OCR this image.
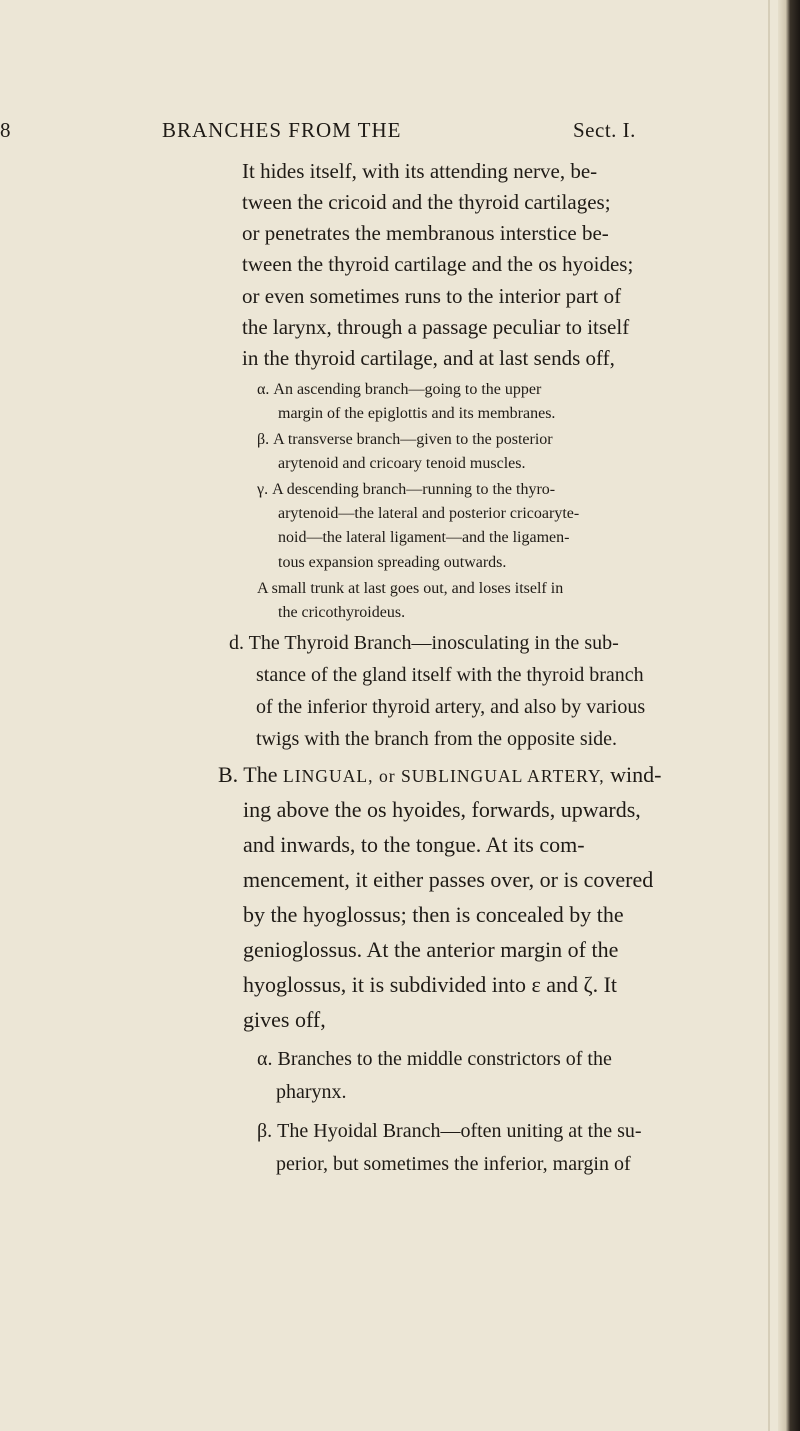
8	BRANCHES FROM THE	Sect. I.

It hides itself, with its attending nerve, be-

tween the cricoid and the thyroid cartilages;

or penetrates the membranous interstice be-

tween the thyroid cartilage and the os hyoides;

or even sometimes runs to the interior part of

the larynx, through a passage peculiar to itself

in the thyroid cartilage, and at last sends off,

α. An ascending branch—going to the upper

margin of the epiglottis and its membranes.

β. A transverse branch—given to the posterior

arytenoid and cricoary tenoid muscles.

γ. A descending branch—running to the thyro-

arytenoid—the lateral and posterior cricoaryte-

noid—the lateral ligament—and the ligamen-

tous expansion spreading outwards.

A small trunk at last goes out, and loses itself in

the cricothyroideus.

d. The Thyroid Branch—inosculating in the sub-

stance of the gland itself with the thyroid branch

of the inferior thyroid artery, and also by various

twigs with the branch from the opposite side.

B. The LINGUAL, or SUBLINGUAL ARTERY, wind-

ing above the os hyoides, forwards, upwards,

and inwards, to the tongue. At its com-

mencement, it either passes over, or is covered

by the hyoglossus; then is concealed by the

genioglossus. At the anterior margin of the

hyoglossus, it is subdivided into ε and ζ. It

gives off,

α. Branches to the middle constrictors of the

pharynx.

β. The Hyoidal Branch—often uniting at the su-

perior, but sometimes the inferior, margin of
